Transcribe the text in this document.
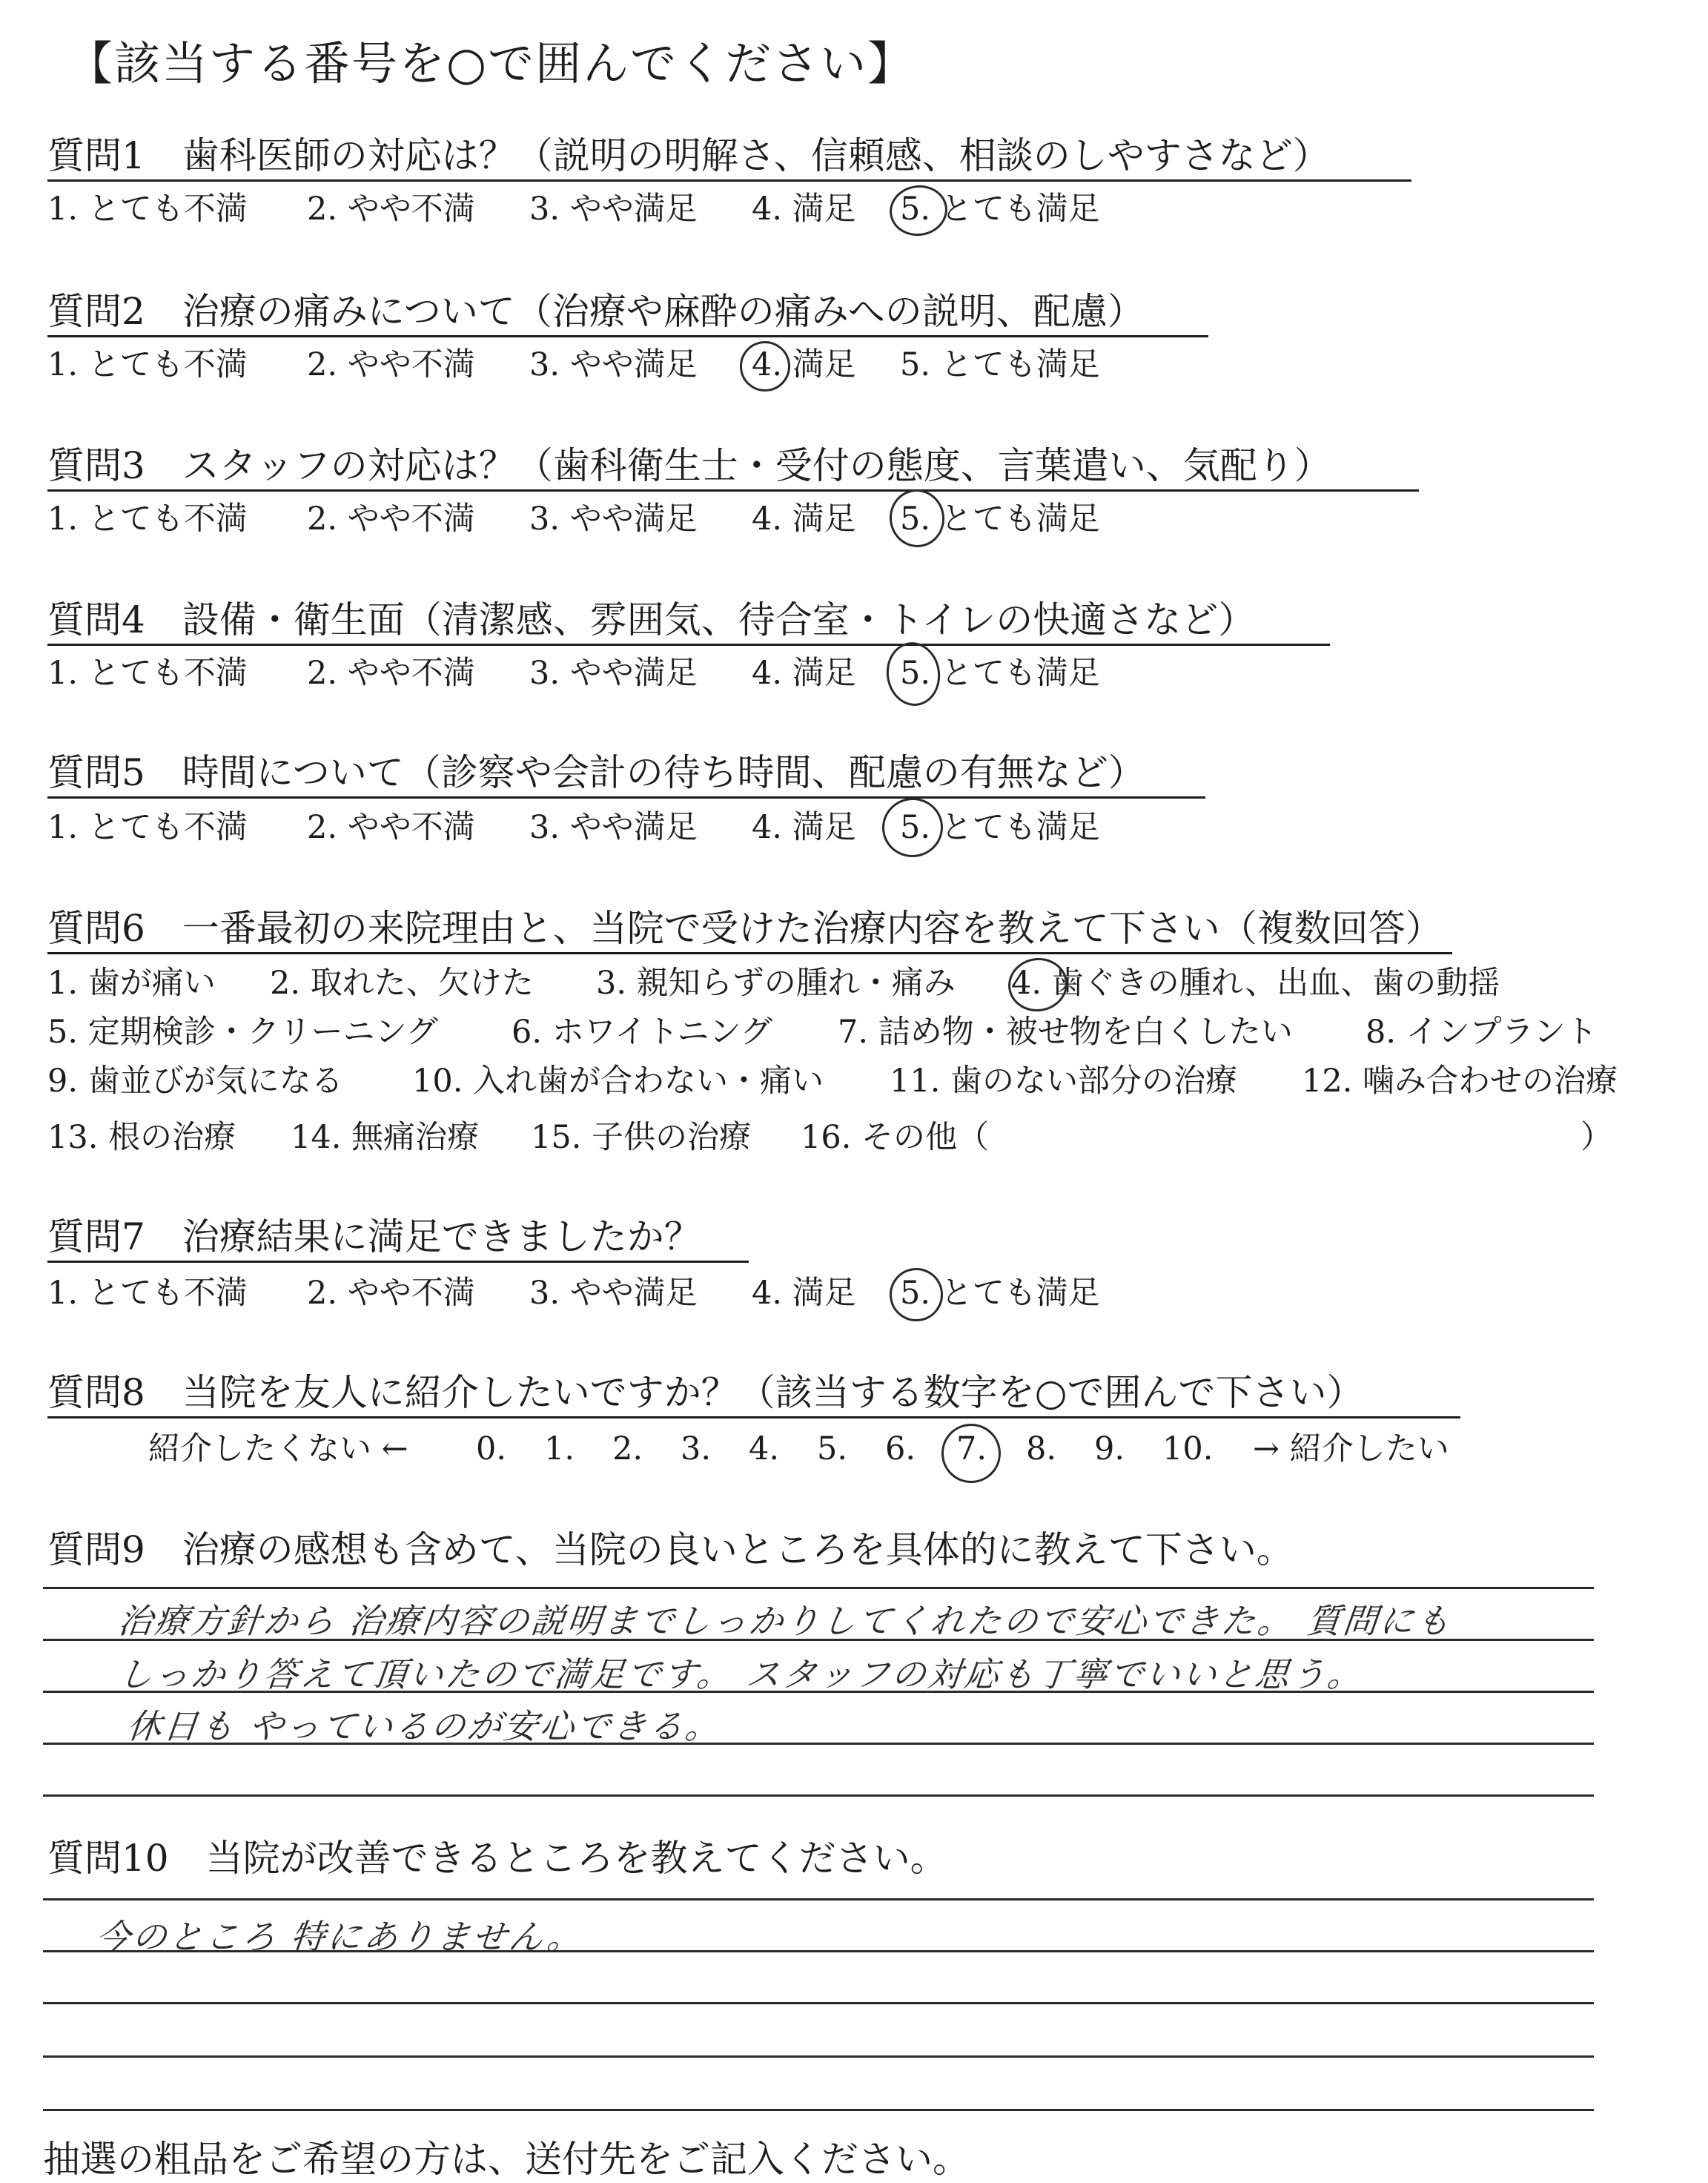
【該当する番号を○で囲んでください】
質問1　歯科医師の対応は？（説明の明解さ、信頼感、相談のしやすさなど）
1. とても不満 2. やや不満 3. やや満足 4. 満足 5. とても満足
質問2　治療の痛みについて（治療や麻酔の痛みへの説明、配慮）
1. とても不満 2. やや不満 3. やや満足 4. 満足 5. とても満足
質問3　スタッフの対応は？（歯科衛生士・受付の態度、言葉遣い、気配り）
1. とても不満 2. やや不満 3. やや満足 4. 満足 5. とても満足
質問4　設備・衛生面（清潔感、雰囲気、待合室・トイレの快適さなど）
1. とても不満 2. やや不満 3. やや満足 4. 満足 5. とても満足
質問5　時間について（診察や会計の待ち時間、配慮の有無など）
1. とても不満 2. やや不満 3. やや満足 4. 満足 5. とても満足
質問6　一番最初の来院理由と、当院で受けた治療内容を教えて下さい（複数回答）
1. 歯が痛い 2. 取れた、欠けた 3. 親知らずの腫れ・痛み 4. 歯ぐきの腫れ、出血、歯の動揺
5. 定期検診・クリーニング 6. ホワイトニング 7. 詰め物・被せ物を白くしたい 8. インプラント
9. 歯並びが気になる 10. 入れ歯が合わない・痛い 11. 歯のない部分の治療 12. 噛み合わせの治療
13. 根の治療 14. 無痛治療 15. 子供の治療 16. その他（	）
質問7　治療結果に満足できましたか？
1. とても不満 2. やや不満 3. やや満足 4. 満足 5. とても満足
質問8　当院を友人に紹介したいですか？（該当する数字を○で囲んで下さい）
紹介したくない ← 0. 1. 2. 3. 4. 5. 6. 7. 8. 9. 10. → 紹介したい
質問9　治療の感想も含めて、当院の良いところを具体的に教えて下さい。
治療方針から 治療内容の説明までしっかりしてくれたので安心できた。 質問にも
しっかり答えて頂いたので満足です。 スタッフの対応も丁寧でいいと思う。
休日も やっているのが安心できる。
質問10　当院が改善できるところを教えてください。
今のところ 特にありません。
抽選の粗品をご希望の方は、送付先をご記入ください。
